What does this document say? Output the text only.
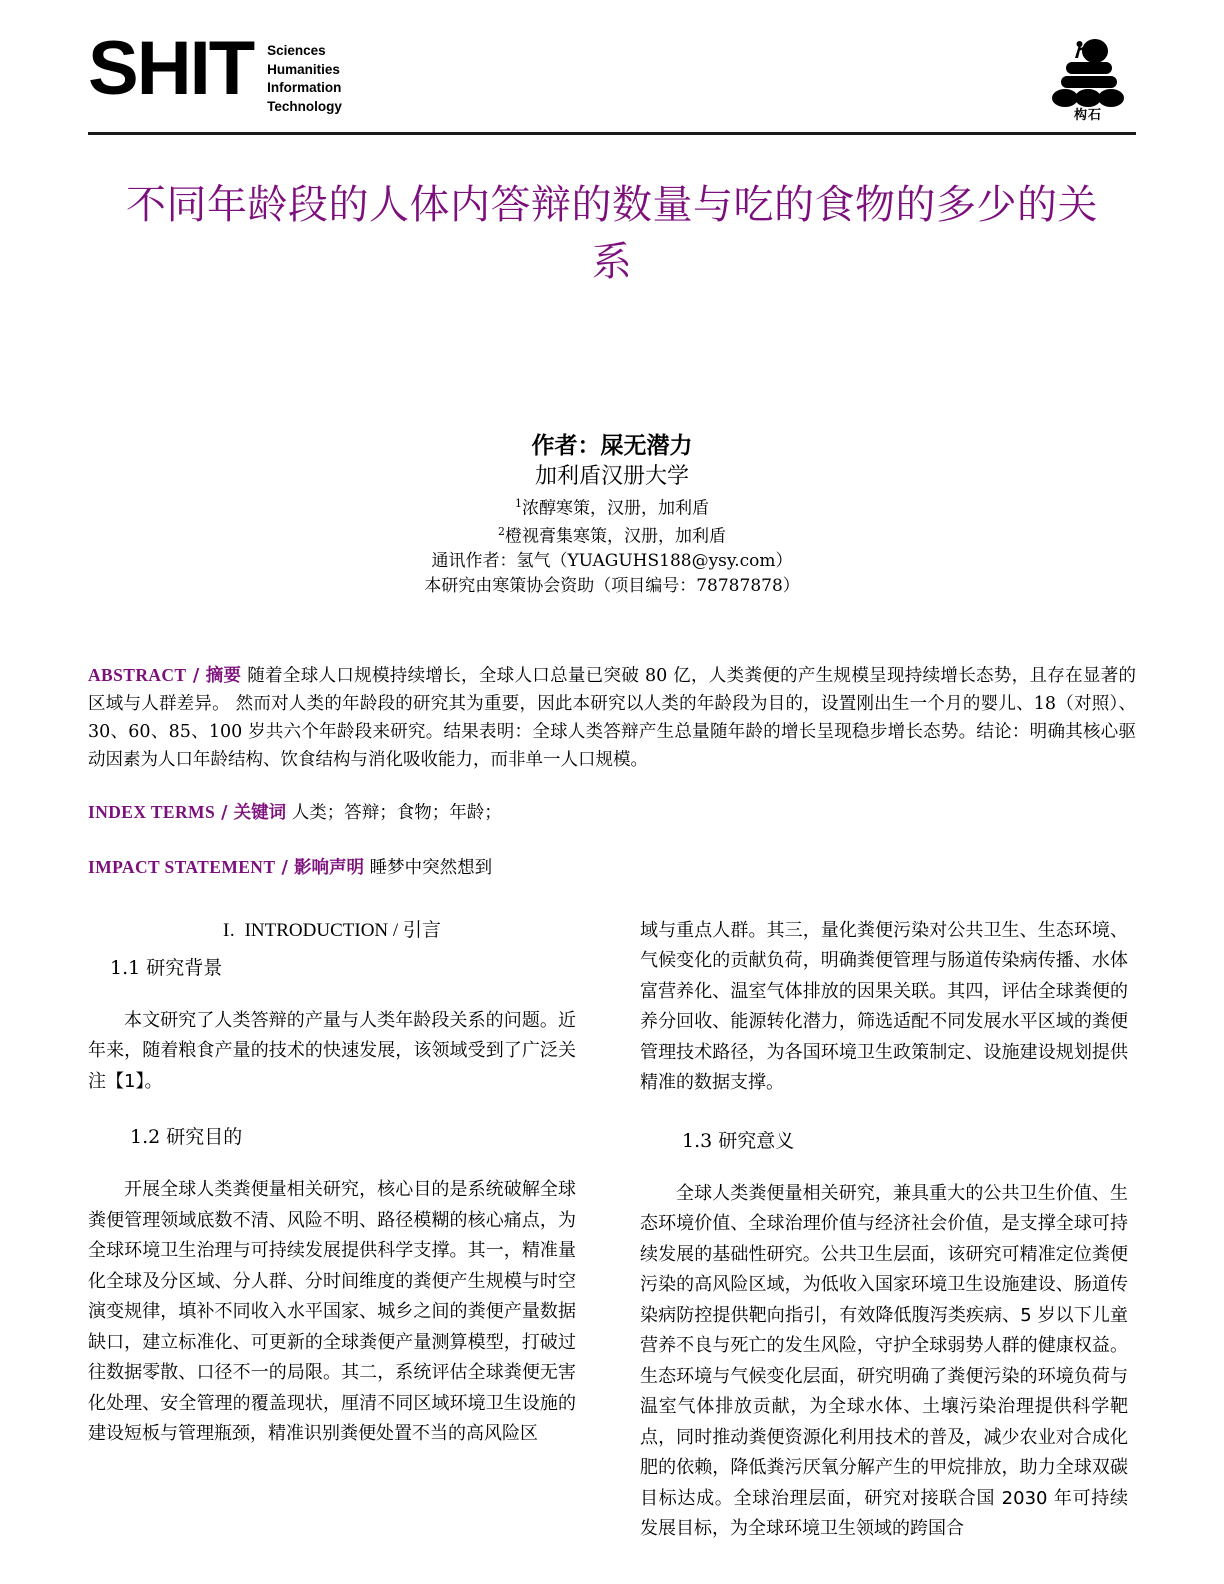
SHIT Sciences
Humanities
Information
Technology
构石
不同年龄段的人体内答辩的数量与吃的食物的多少的关系
作者：屎无潜力
加利盾汉册大学
$^1$浓醇寒策，汉册，加利盾
$^2$橙视膏集寒策，汉册，加利盾
通讯作者：氢气（YUAGUHS188@ysy.com）
本研究由寒策协会资助（项目编号：78787878）

ABSTRACT / 摘要 随着全球人口规模持续增长，全球人口总量已突破 80 亿，人类粪便的产生规模呈现持续增长态势，且存在显著的区域与人群差异。 然而对人类的年龄段的研究其为重要，因此本研究以人类的年龄段为目的，设置刚出生一个月的婴儿、18（对照）、30、60、85、100 岁共六个年龄段来研究。结果表明：全球人类答辩产生总量随年龄的增长呈现稳步增长态势。结论：明确其核心驱动因素为人口年龄结构、饮食结构与消化吸收能力，而非单一人口规模。

INDEX TERMS / 关键词 人类；答辩；食物；年龄；

IMPACT STATEMENT / 影响声明 睡梦中突然想到

I. INTRODUCTION / 引言
1.1 研究背景

本文研究了人类答辩的产量与人类年龄段关系的问题。近年来，随着粮食产量的技术的快速发展，该领域受到了广泛关注【1】。

1.2 研究目的

开展全球人类粪便量相关研究，核心目的是系统破解全球粪便管理领域底数不清、风险不明、路径模糊的核心痛点，为全球环境卫生治理与可持续发展提供科学支撑。其一，精准量化全球及分区域、分人群、分时间维度的粪便产生规模与时空演变规律，填补不同收入水平国家、城乡之间的粪便产量数据缺口，建立标准化、可更新的全球粪便产量测算模型，打破过往数据零散、口径不一的局限。其二，系统评估全球粪便无害化处理、安全管理的覆盖现状，厘清不同区域环境卫生设施的建设短板与管理瓶颈，精准识别粪便处置不当的高风险区

域与重点人群。其三，量化粪便污染对公共卫生、生态环境、气候变化的贡献负荷，明确粪便管理与肠道传染病传播、水体富营养化、温室气体排放的因果关联。其四，评估全球粪便的养分回收、能源转化潜力，筛选适配不同发展水平区域的粪便管理技术路径，为各国环境卫生政策制定、设施建设规划提供精准的数据支撑。

1.3 研究意义

全球人类粪便量相关研究，兼具重大的公共卫生价值、生态环境价值、全球治理价值与经济社会价值，是支撑全球可持续发展的基础性研究。公共卫生层面，该研究可精准定位粪便污染的高风险区域，为低收入国家环境卫生设施建设、肠道传染病防控提供靶向指引，有效降低腹泻类疾病、5 岁以下儿童营养不良与死亡的发生风险，守护全球弱势人群的健康权益。生态环境与气候变化层面，研究明确了粪便污染的环境负荷与温室气体排放贡献，为全球水体、土壤污染治理提供科学靶点，同时推动粪便资源化利用技术的普及，减少农业对合成化肥的依赖，降低粪污厌氧分解产生的甲烷排放，助力全球双碳目标达成。全球治理层面，研究对接联合国 2030 年可持续发展目标，为全球环境卫生领域的跨国合
